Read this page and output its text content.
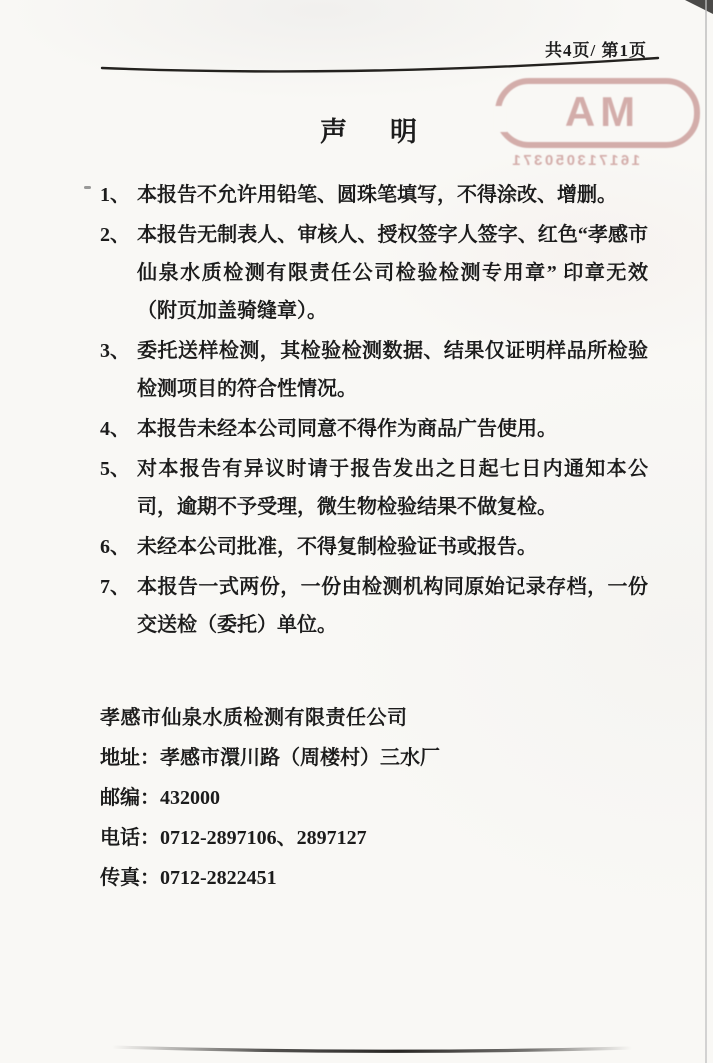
共4页/ 第1页
MA
161713050371
声　明
1、 本报告不允许用铅笔、圆珠笔填写，不得涂改、增删。
2、 本报告无制表人、审核人、授权签字人签字、红色“孝感市仙泉水质检测有限责任公司检验检测专用章” 印章无效（附页加盖骑缝章）。
3、 委托送样检测，其检验检测数据、结果仅证明样品所检验检测项目的符合性情况。
4、 本报告未经本公司同意不得作为商品广告使用。
5、 对本报告有异议时请于报告发出之日起七日内通知本公司，逾期不予受理，微生物检验结果不做复检。
6、 未经本公司批准，不得复制检验证书或报告。
7、 本报告一式两份，一份由检测机构同原始记录存档，一份交送检（委托）单位。
孝感市仙泉水质检测有限责任公司
地址：孝感市澴川路（周楼村）三水厂
邮编：432000
电话：0712-2897106、2897127
传真：0712-2822451
